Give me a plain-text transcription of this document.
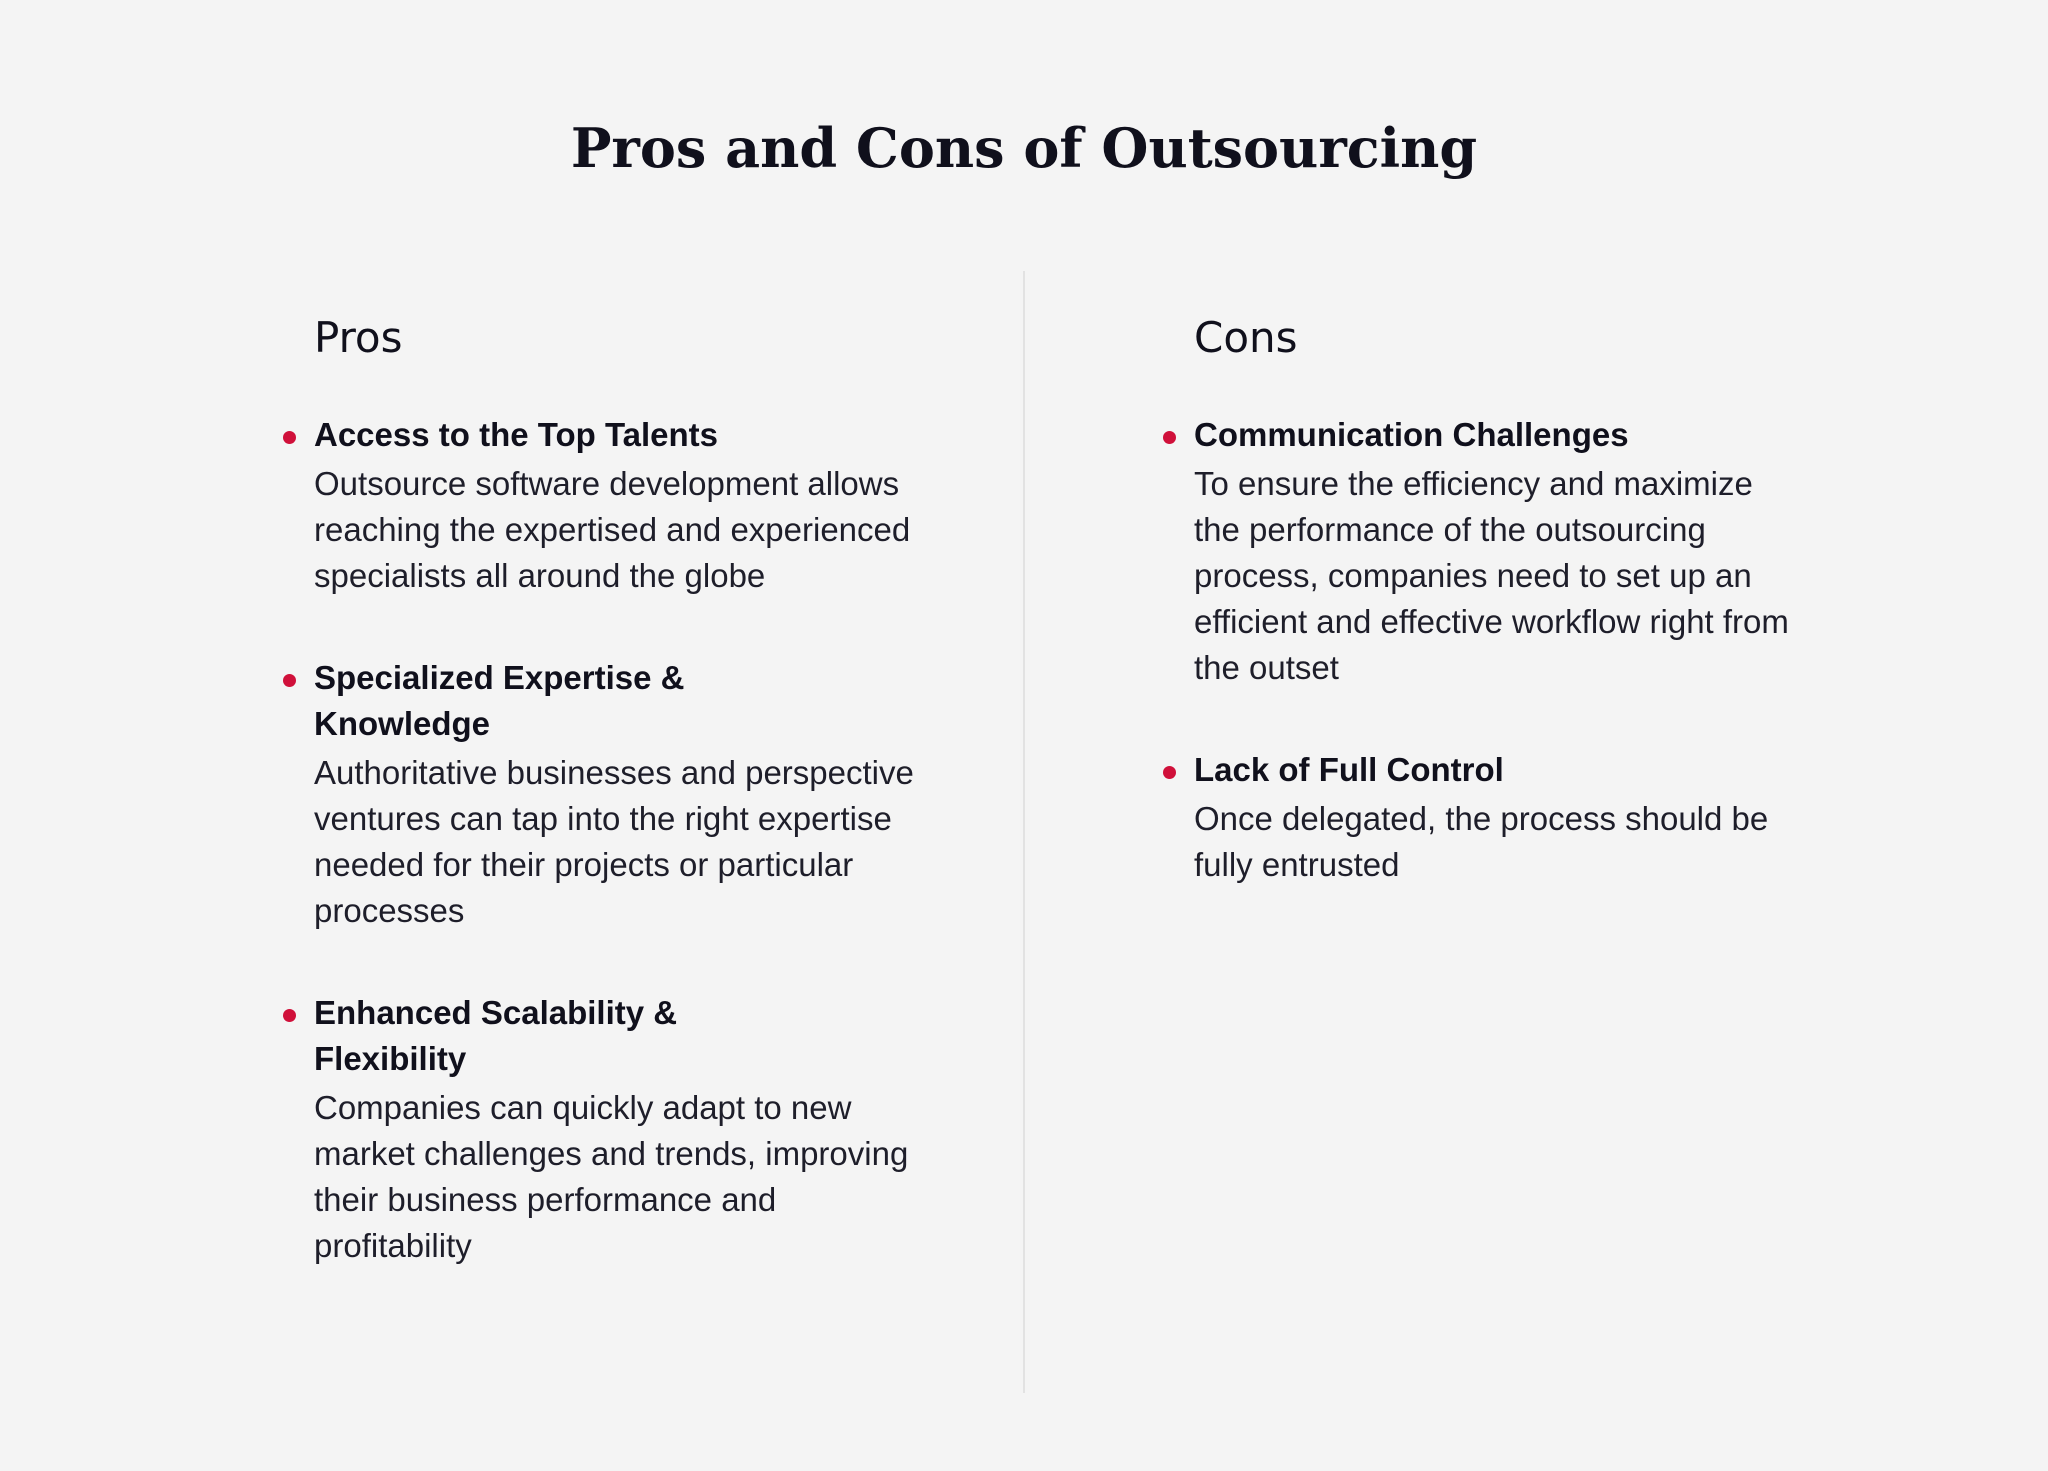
Pros and Cons of Outsourcing
Pros
Access to the Top Talents
Outsource software development allows reaching the expertised and experienced specialists all around the globe
Specialized Expertise & Knowledge
Authoritative businesses and perspective ventures can tap into the right expertise needed for their projects or particular processes
Enhanced Scalability & Flexibility
Companies can quickly adapt to new market challenges and trends, improving their business performance and profitability
Cons
Communication Challenges
To ensure the efficiency and maximize the performance of the outsourcing process, companies need to set up an efficient and effective workflow right from the outset
Lack of Full Control
Once delegated, the process should be fully entrusted
